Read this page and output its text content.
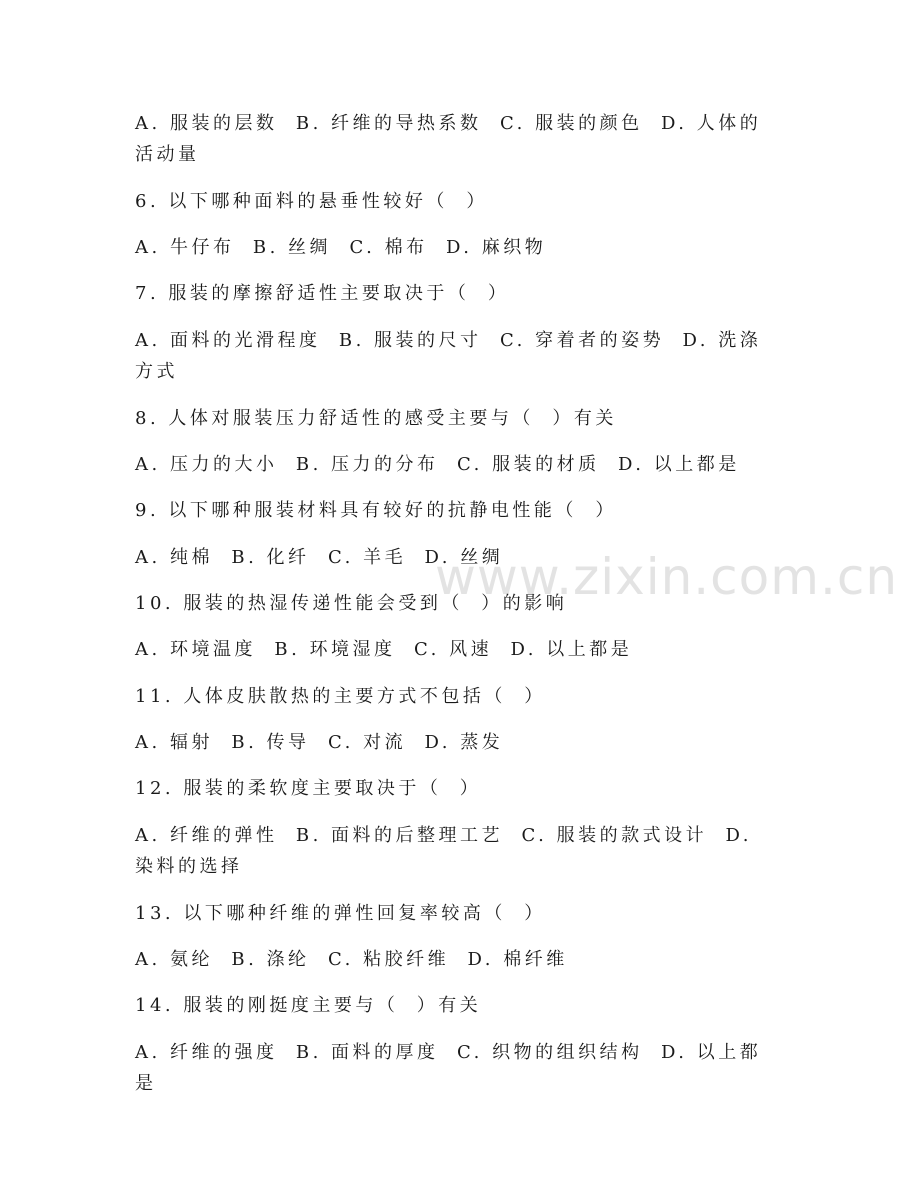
www.zixin.com.cn
A. 服装的层数  B. 纤维的导热系数  C. 服装的颜色  D. 人体的活动量
6. 以下哪种面料的悬垂性较好（  ）
A. 牛仔布  B. 丝绸  C. 棉布  D. 麻织物
7. 服装的摩擦舒适性主要取决于（  ）
A. 面料的光滑程度  B. 服装的尺寸  C. 穿着者的姿势  D. 洗涤方式
8. 人体对服装压力舒适性的感受主要与（  ）有关
A. 压力的大小  B. 压力的分布  C. 服装的材质  D. 以上都是
9. 以下哪种服装材料具有较好的抗静电性能（  ）
A. 纯棉  B. 化纤  C. 羊毛  D. 丝绸
10. 服装的热湿传递性能会受到（  ）的影响
A. 环境温度  B. 环境湿度  C. 风速  D. 以上都是
11. 人体皮肤散热的主要方式不包括（  ）
A. 辐射  B. 传导  C. 对流  D. 蒸发
12. 服装的柔软度主要取决于（  ）
A. 纤维的弹性  B. 面料的后整理工艺  C. 服装的款式设计  D. 染料的选择
13. 以下哪种纤维的弹性回复率较高（  ）
A. 氨纶  B. 涤纶  C. 粘胶纤维  D. 棉纤维
14. 服装的刚挺度主要与（  ）有关
A. 纤维的强度  B. 面料的厚度  C. 织物的组织结构  D. 以上都是
